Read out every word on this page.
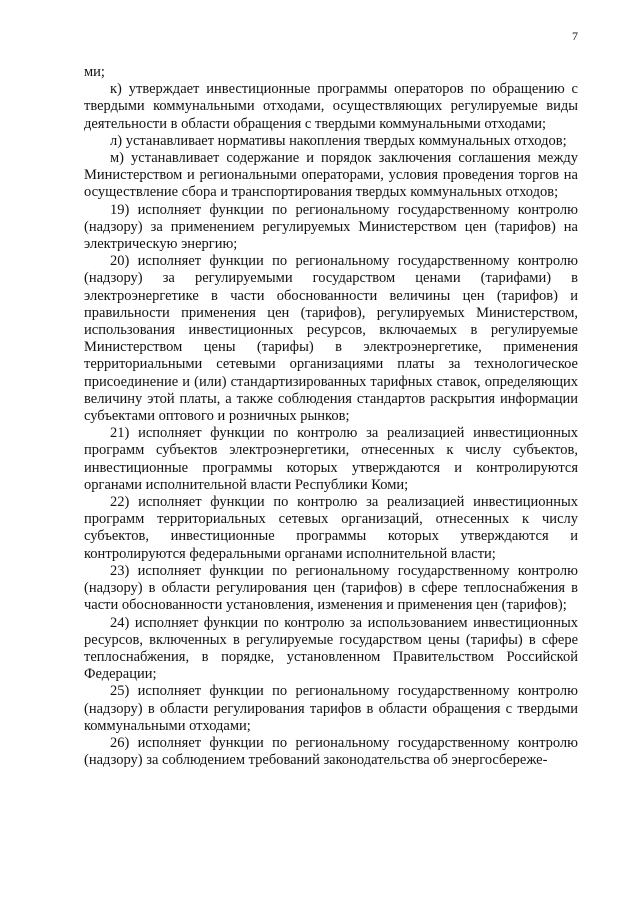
7

ми;

к) утверждает инвестиционные программы операторов по обращению с твердыми коммунальными отходами, осуществляющих регулируемые виды деятельности в области обращения с твердыми коммунальными отходами;

л) устанавливает нормативы накопления твердых коммунальных отходов;

м) устанавливает содержание и порядок заключения соглашения между Министерством и региональными операторами, условия проведения торгов на осуществление сбора и транспортирования твердых коммунальных отходов;

19) исполняет функции по региональному государственному контролю (надзору) за применением регулируемых Министерством цен (тарифов) на электрическую энергию;

20) исполняет функции по региональному государственному контролю (надзору) за регулируемыми государством ценами (тарифами) в электроэнергетике в части обоснованности величины цен (тарифов) и правильности применения цен (тарифов), регулируемых Министерством, использования инвестиционных ресурсов, включаемых в регулируемые Министерством цены (тарифы) в электроэнергетике, применения территориальными сетевыми организациями платы за технологическое присоединение и (или) стандартизированных тарифных ставок, определяющих величину этой платы, а также соблюдения стандартов раскрытия информации субъектами оптового и розничных рынков;

21) исполняет функции по контролю за реализацией инвестиционных программ субъектов электроэнергетики, отнесенных к числу субъектов, инвестиционные программы которых утверждаются и контролируются органами исполнительной власти Республики Коми;

22) исполняет функции по контролю за реализацией инвестиционных программ территориальных сетевых организаций, отнесенных к числу субъектов, инвестиционные программы которых утверждаются и контролируются федеральными органами исполнительной власти;

23) исполняет функции по региональному государственному контролю (надзору) в области регулирования цен (тарифов) в сфере теплоснабжения в части обоснованности установления, изменения и применения цен (тарифов);

24) исполняет функции по контролю за использованием инвестиционных ресурсов, включенных в регулируемые государством цены (тарифы) в сфере теплоснабжения, в порядке, установленном Правительством Российской Федерации;

25) исполняет функции по региональному государственному контролю (надзору) в области регулирования тарифов в области обращения с твердыми коммунальными отходами;

26) исполняет функции по региональному государственному контролю (надзору) за соблюдением требований законодательства об энергосбереже-
